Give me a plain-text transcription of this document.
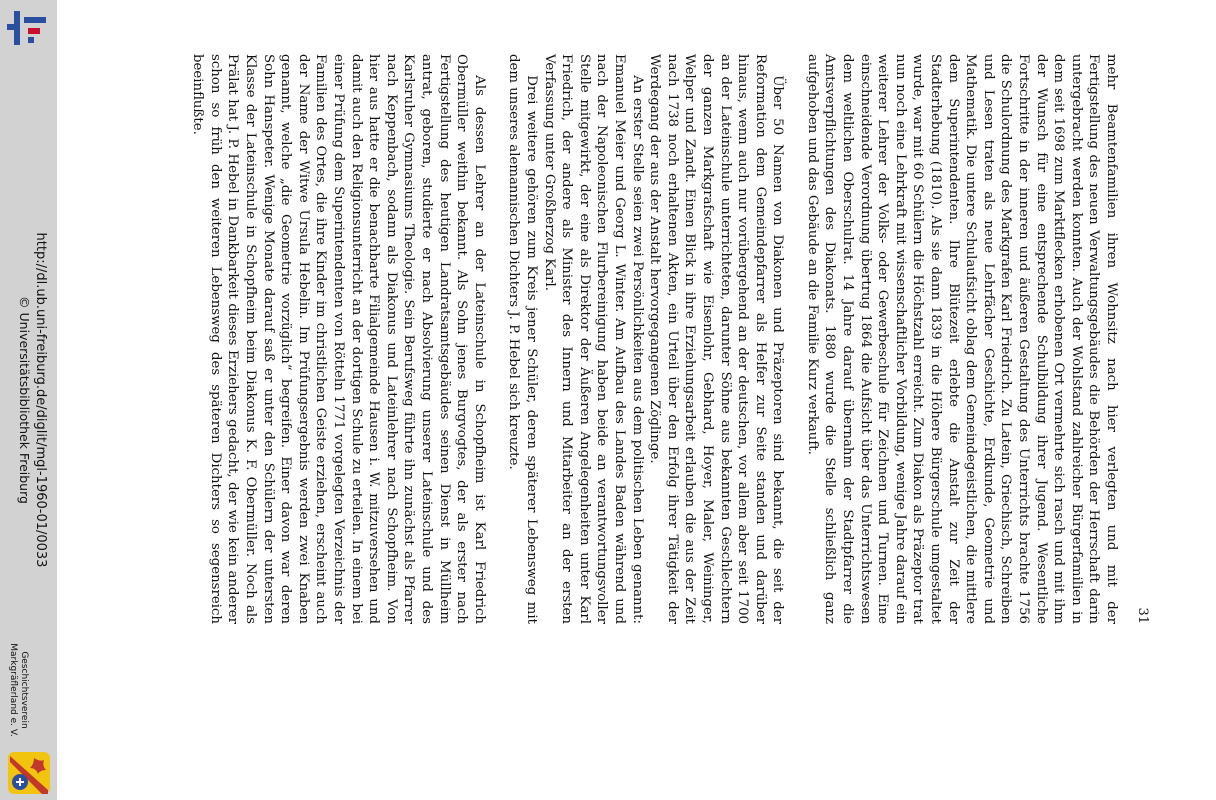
http://dl.ub.uni-freiburg.de/diglit/mgl-1960-01/0033
© Universitätsbibliothek Freiburg
Geschichtsverein
Markgräflerland e. V.
31

mehr Beamtenfamilien ihren Wohnsitz nach hier verlegten und mit der Fertigstellung des neuen Verwaltungsgebäudes die Behörden der Herrschaft darin untergebracht werden konnten. Auch der Wohlstand zahlreicher Bürgerfamilien in dem seit 1698 zum Marktflecken erhobenen Ort vermehrte sich rasch und mit ihm der Wunsch für eine entsprechende Schulbildung ihrer Jugend. Wesentliche Fortschritte in der inneren und äußeren Gestaltung des Unterrichts brachte 1756 die Schulordnung des Markgrafen Karl Friedrich. Zu Latein, Griechisch, Schreiben und Lesen traten als neue Lehrfächer Geschichte, Erdkunde, Geometrie und Mathematik. Die untere Schulaufsicht oblag dem Gemeindegeistlichen, die mittlere dem Superintendenten. Ihre Blütezeit erlebte die Anstalt zur Zeit der Stadterhebung (1810). Als sie dann 1839 in die Höhere Bürgerschule umgestaltet wurde, war mit 60 Schülern die Höchstzahl erreicht. Zum Diakon als Präzeptor trat nun noch eine Lehrkraft mit wissenschaftlicher Vorbildung, wenige Jahre darauf ein weiterer Lehrer der Volks- oder Gewerbeschule für Zeichnen und Turnen. Eine einschneidende Verordnung übertrug 1864 die Aufsicht über das Unterrichtswesen dem weltlichen Oberschulrat. 14 Jahre darauf übernahm der Stadtpfarrer die Amtsverpflichtungen des Diakonats. 1880 wurde die Stelle schließlich ganz aufgehoben und das Gebäude an die Familie Kurz verkauft.

Über 50 Namen von Diakonen und Präzeptoren sind bekannt, die seit der Reformation dem Gemeindepfarrer als Helfer zur Seite standen und darüber hinaus, wenn auch nur vorübergehend an der deutschen, vor allem aber seit 1700 an der Lateinschule unterrichteten, darunter Söhne aus bekannten Geschlechtern der ganzen Markgrafschaft wie Eisenlohr, Gebhard, Hoyer, Maler, Weininger, Welper und Zandt. Einen Blick in ihre Erziehungsarbeit erlauben die aus der Zeit nach 1738 noch erhaltenen Akten, ein Urteil über den Erfolg ihrer Tätigkeit der Werdegang der aus der Anstalt hervorgegangenen Zöglinge.

An erster Stelle seien zwei Persönlichkeiten aus dem politischen Leben genannt: Emanuel Meier und Georg L. Winter. Am Aufbau des Landes Baden während und nach der Napoleonischen Flurbereinigung haben beide an verantwortungsvoller Stelle mitgewirkt, der eine als Direktor der Äußeren Angelegenheiten unter Karl Friedrich, der andere als Minister des Innern und Mitarbeiter an der ersten Verfassung unter Großherzog Karl.

Drei weitere gehören zum Kreis jener Schüler, deren späterer Lebensweg mit dem unseres alemannischen Dichters J. P. Hebel sich kreuzte.

Als dessen Lehrer an der Lateinschule in Schopfheim ist Karl Friedrich Obermüller weithin bekannt. Als Sohn jenes Burgvogtes, der als erster nach Fertigstellung des heutigen Landratsamtsgebäudes seinen Dienst in Müllheim antrat, geboren, studierte er nach Absolvierung unserer Lateinschule und des Karlsruher Gymnasiums Theologie. Sein Berufsweg führte ihn zunächst als Pfarrer nach Keppenbach, sodann als Diakonus und Lateinlehrer nach Schopfheim. Von hier aus hatte er die benachbarte Filialgemeinde Hausen i. W. mitzuversehen und damit auch den Religionsunterricht an der dortigen Schule zu erteilen. In einem bei einer Prüfung dem Superintendenten von Rötteln 1771 vorgelegten Verzeichnis der Familien des Ortes, die ihre Kinder im christlichen Geiste erziehen, erscheint auch der Name der Witwe Ursula Hebelin. Im Prüfungsergebnis werden zwei Knaben genannt, welche „die Geometrie vorzüglich“ begreifen. Einer davon war deren Sohn Hanspeter. Wenige Monate darauf saß er unter den Schülern der untersten Klasse der Lateinschule in Schopfheim beim Diakonus K. F. Obermüller. Noch als Prälat hat J. P. Hebel in Dankbarkeit dieses Erziehers gedacht, der wie kein anderer schon so früh den weiteren Lebensweg des späteren Dichters so segensreich beeinflußte.
